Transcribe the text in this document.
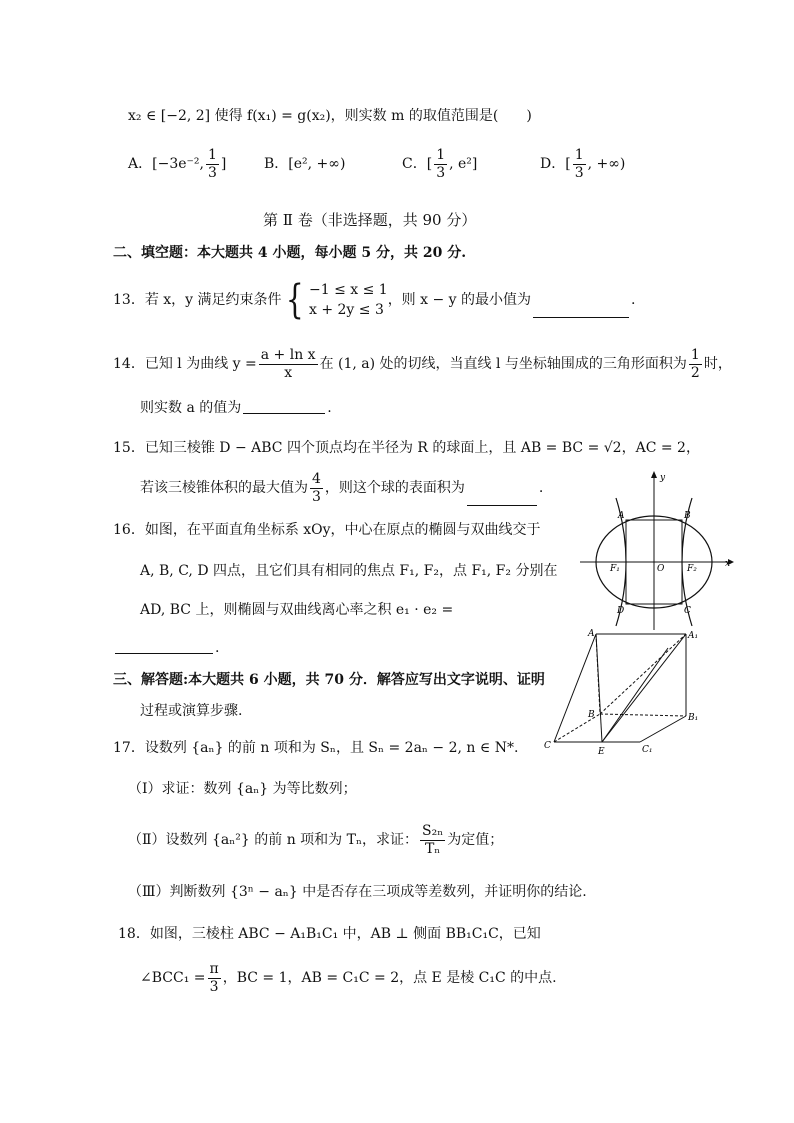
x₂ ∈ [−2, 2] 使得 f(x₁) = g(x₂)，则实数 m 的取值范围是(　　)
A．[−3e⁻², $\frac{1}{3}$ ]	B．[e², +∞)	C．[ $\frac{1}{3}$ , e²]	D．[ $\frac{1}{3}$ , +∞)
第 Ⅱ 卷（非选择题，共 90 分）
二、填空题：本大题共 4 小题，每小题 5 分，共 20 分.
13．若 x，y 满足约束条件{ −1 ≤ x ≤ 1
x + 2y ≤ 3
，则 x − y 的最小值为	.
14．已知 l 为曲线 $y = \frac{\text{a + ln x}}{x}$ 在 (1, a) 处的切线，当直线 l 与坐标轴围成的三角形面积为 $\frac{1}{2}$ 时，
则实数 a 的值为	.
15．已知三棱锥 D − ABC 四个顶点均在半径为 R 的球面上，且 AB = BC = √2，AC = 2，
若该三棱锥体积的最大值为 $\frac{4}{3}$ ，则这个球的表面积为	.
16．如图，在平面直角坐标系 xOy，中心在原点的椭圆与双曲线交于
A, B, C, D 四点，且它们具有相同的焦点 F₁, F₂，点 F₁, F₂ 分别在
AD, BC 上，则椭圆与双曲线离心率之积 e₁ · e₂ =
.
A	B
C
D
F₁	F₂
O
y
x
三、解答题:本大题共 6 小题，共 70 分．解答应写出文字说明、证明
过程或演算步骤.
A	A₁
B	B₁
C	C₁
E
17．设数列 {aₙ} 的前 n 项和为 Sₙ，且 Sₙ = 2aₙ − 2, n ∈ N*.
（Ⅰ）求证：数列 {aₙ} 为等比数列；
（Ⅱ）设数列 {aₙ²} 的前 n 项和为 Tₙ，求证： $\frac{\text{S₂ₙ}}{\text{Tₙ}}$ 为定值；
（Ⅲ）判断数列 {3ⁿ − aₙ} 中是否存在三项成等差数列，并证明你的结论.
18．如图，三棱柱 ABC − A₁B₁C₁ 中，AB ⊥ 侧面 BB₁C₁C，已知
∠BCC₁ = $\frac{\pi}{3}$ ，BC = 1，AB = C₁C = 2，点 E 是棱 C₁C 的中点.
